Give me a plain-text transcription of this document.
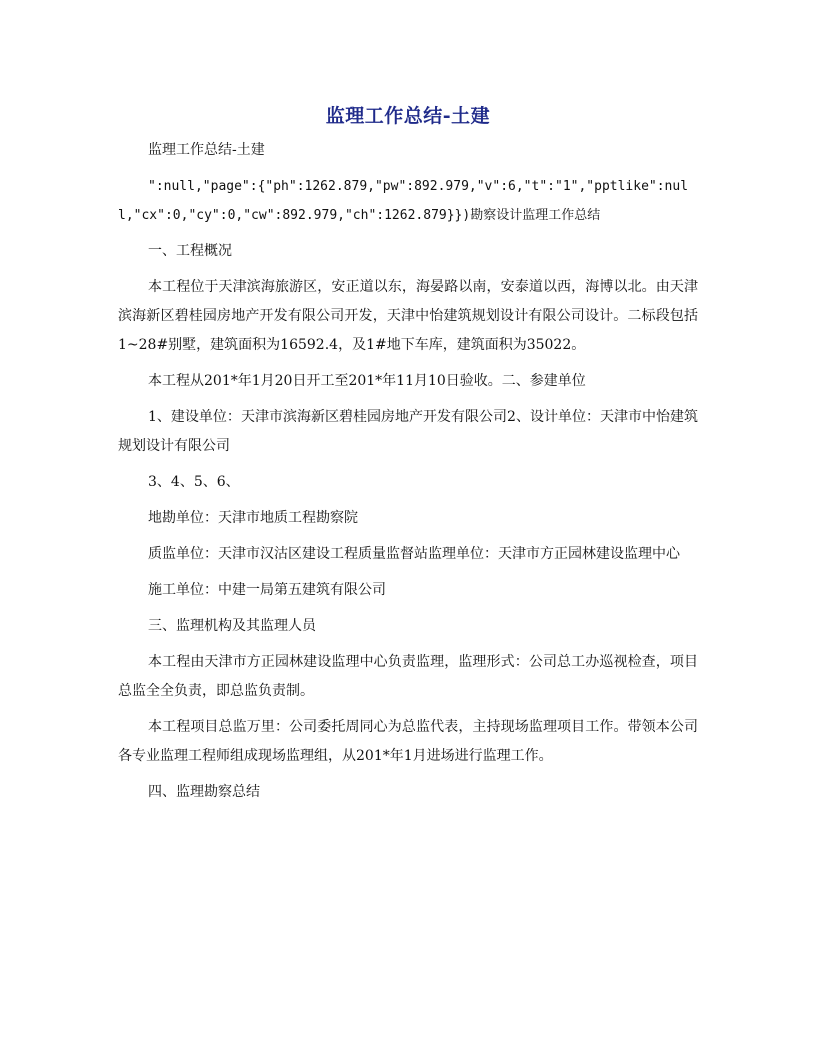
监理工作总结-土建

监理工作总结-土建

":null,"page":{"ph":1262.879,"pw":892.979,"v":6,"t":"1","pptlike":null,"cx":0,"cy":0,"cw":892.979,"ch":1262.879}})勘察设计监理工作总结

一、工程概况

本工程位于天津滨海旅游区，安正道以东，海晏路以南，安泰道以西，海博以北。由天津滨海新区碧桂园房地产开发有限公司开发，天津中怡建筑规划设计有限公司设计。二标段包括1~28#别墅，建筑面积为16592.4，及1#地下车库，建筑面积为35022。

本工程从201*年1月20日开工至201*年11月10日验收。二、参建单位

1、建设单位：天津市滨海新区碧桂园房地产开发有限公司2、设计单位：天津市中怡建筑规划设计有限公司

3、4、5、6、

地勘单位：天津市地质工程勘察院

质监单位：天津市汉沽区建设工程质量监督站监理单位：天津市方正园林建设监理中心

施工单位：中建一局第五建筑有限公司

三、监理机构及其监理人员

本工程由天津市方正园林建设监理中心负责监理，监理形式：公司总工办巡视检查，项目总监全全负责，即总监负责制。

本工程项目总监万里：公司委托周同心为总监代表，主持现场监理项目工作。带领本公司各专业监理工程师组成现场监理组，从201*年1月进场进行监理工作。

四、监理勘察总结
